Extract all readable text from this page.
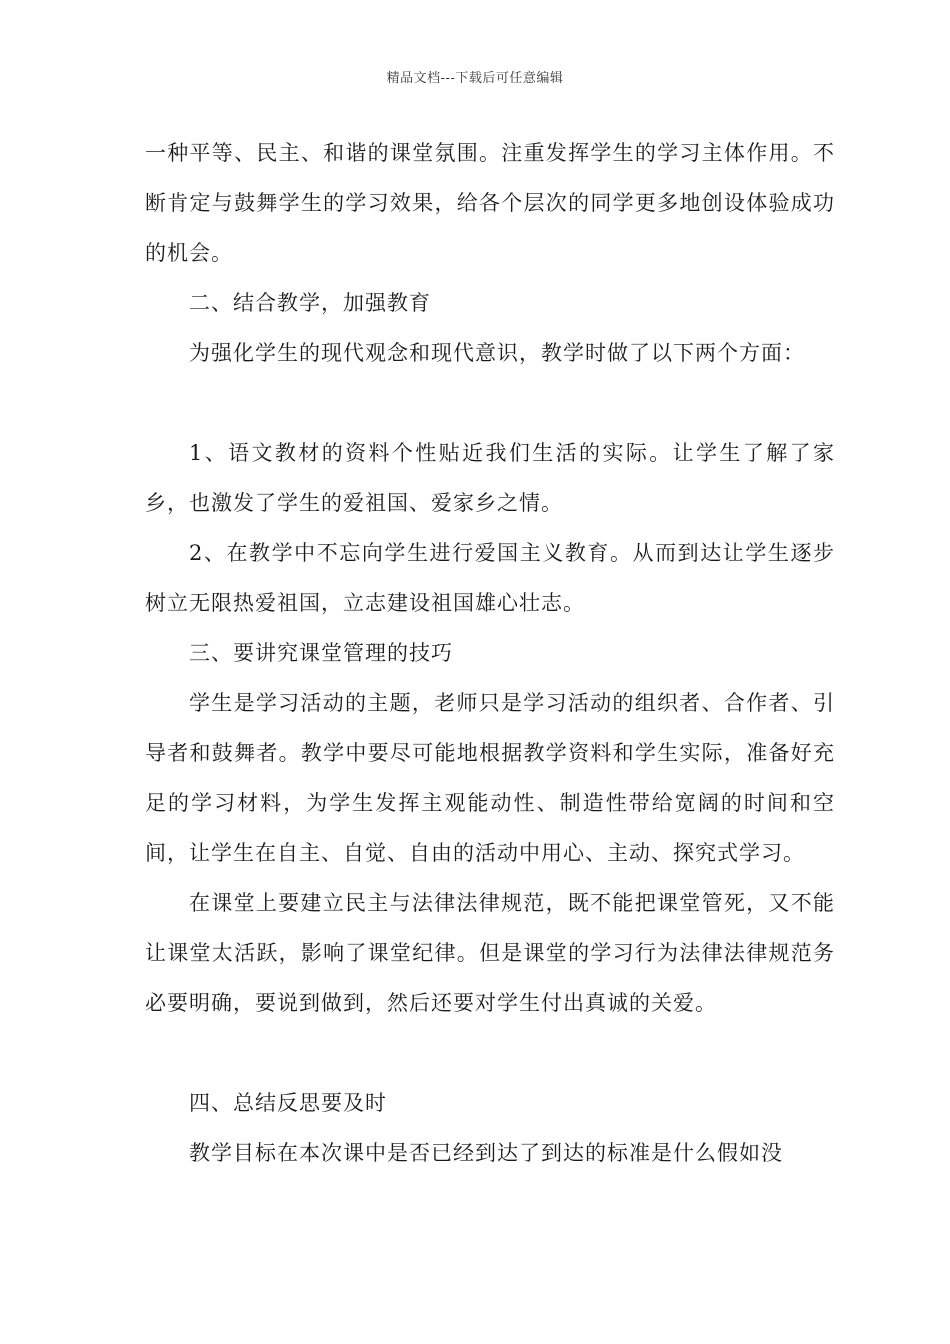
精品文档---下载后可任意编辑

一种平等、民主、和谐的课堂氛围。注重发挥学生的学习主体作用。不断肯定与鼓舞学生的学习效果，给各个层次的同学更多地创设体验成功的机会。

二、结合教学，加强教育

为强化学生的现代观念和现代意识，教学时做了以下两个方面：

1、语文教材的资料个性贴近我们生活的实际。让学生了解了家乡，也激发了学生的爱祖国、爱家乡之情。

2、在教学中不忘向学生进行爱国主义教育。从而到达让学生逐步树立无限热爱祖国，立志建设祖国雄心壮志。

三、要讲究课堂管理的技巧

学生是学习活动的主题，老师只是学习活动的组织者、合作者、引导者和鼓舞者。教学中要尽可能地根据教学资料和学生实际，准备好充足的学习材料，为学生发挥主观能动性、制造性带给宽阔的时间和空间，让学生在自主、自觉、自由的活动中用心、主动、探究式学习。

在课堂上要建立民主与法律法律规范，既不能把课堂管死，又不能让课堂太活跃，影响了课堂纪律。但是课堂的学习行为法律法律规范务必要明确，要说到做到，然后还要对学生付出真诚的关爱。

四、总结反思要及时

教学目标在本次课中是否已经到达了到达的标准是什么假如没
